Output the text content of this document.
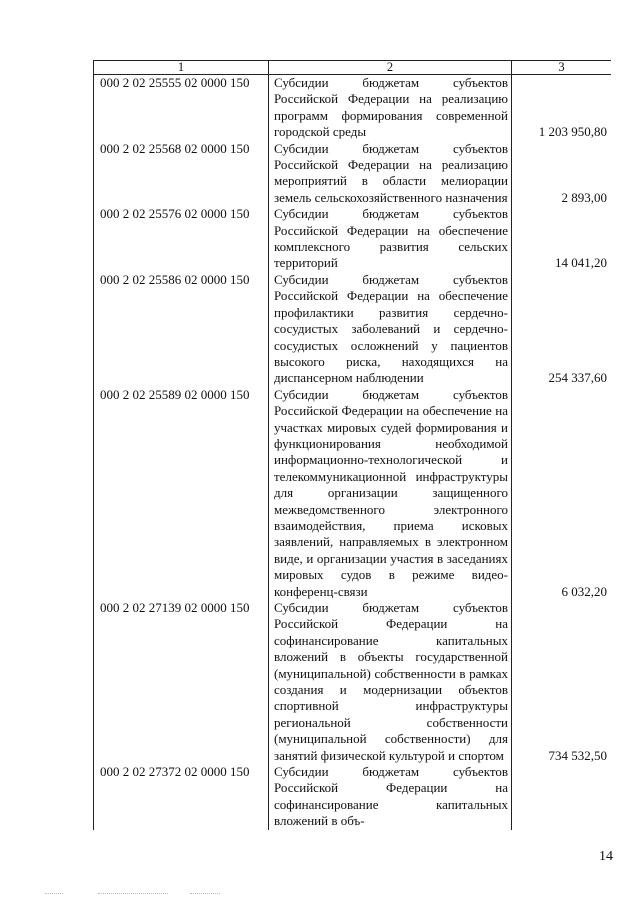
1	2	3
000 2 02 25555 02 0000 150	Субсидии бюджетам субъектов Российской Федерации на реализацию программ формирования современной городской среды	1 203 950,80
000 2 02 25568 02 0000 150	Субсидии бюджетам субъектов Российской Федерации на реализацию мероприятий в области мелиорации земель сельскохозяйственного назначения	2 893,00
000 2 02 25576 02 0000 150	Субсидии бюджетам субъектов Российской Федерации на обеспечение комплексного развития сельских территорий	14 041,20
000 2 02 25586 02 0000 150	Субсидии бюджетам субъектов Российской Федерации на обеспечение профилактики развития сердечно-сосудистых заболеваний и сердечно-сосудистых осложнений у пациентов высокого риска, находящихся на диспансерном наблюдении	254 337,60
000 2 02 25589 02 0000 150	Субсидии бюджетам субъектов Российской Федерации на обеспечение на участках мировых судей формирования и функционирования необходимой информационно-технологической и телекоммуникационной инфраструктуры для организации защищенного межведомственного электронного взаимодействия, приема исковых заявлений, направляемых в электронном виде, и организации участия в заседаниях мировых судов в режиме видео-конференц-связи	6 032,20
000 2 02 27139 02 0000 150	Субсидии бюджетам субъектов Российской Федерации на софинансирование капитальных вложений в объекты государственной (муниципальной) собственности в рамках создания и модернизации объектов спортивной инфраструктуры региональной собственности (муниципальной собственности) для занятий физической культурой и спортом	734 532,50
000 2 02 27372 02 0000 150	Субсидии бюджетам субъектов Российской Федерации на софинансирование капитальных вложений в объ-	
14
